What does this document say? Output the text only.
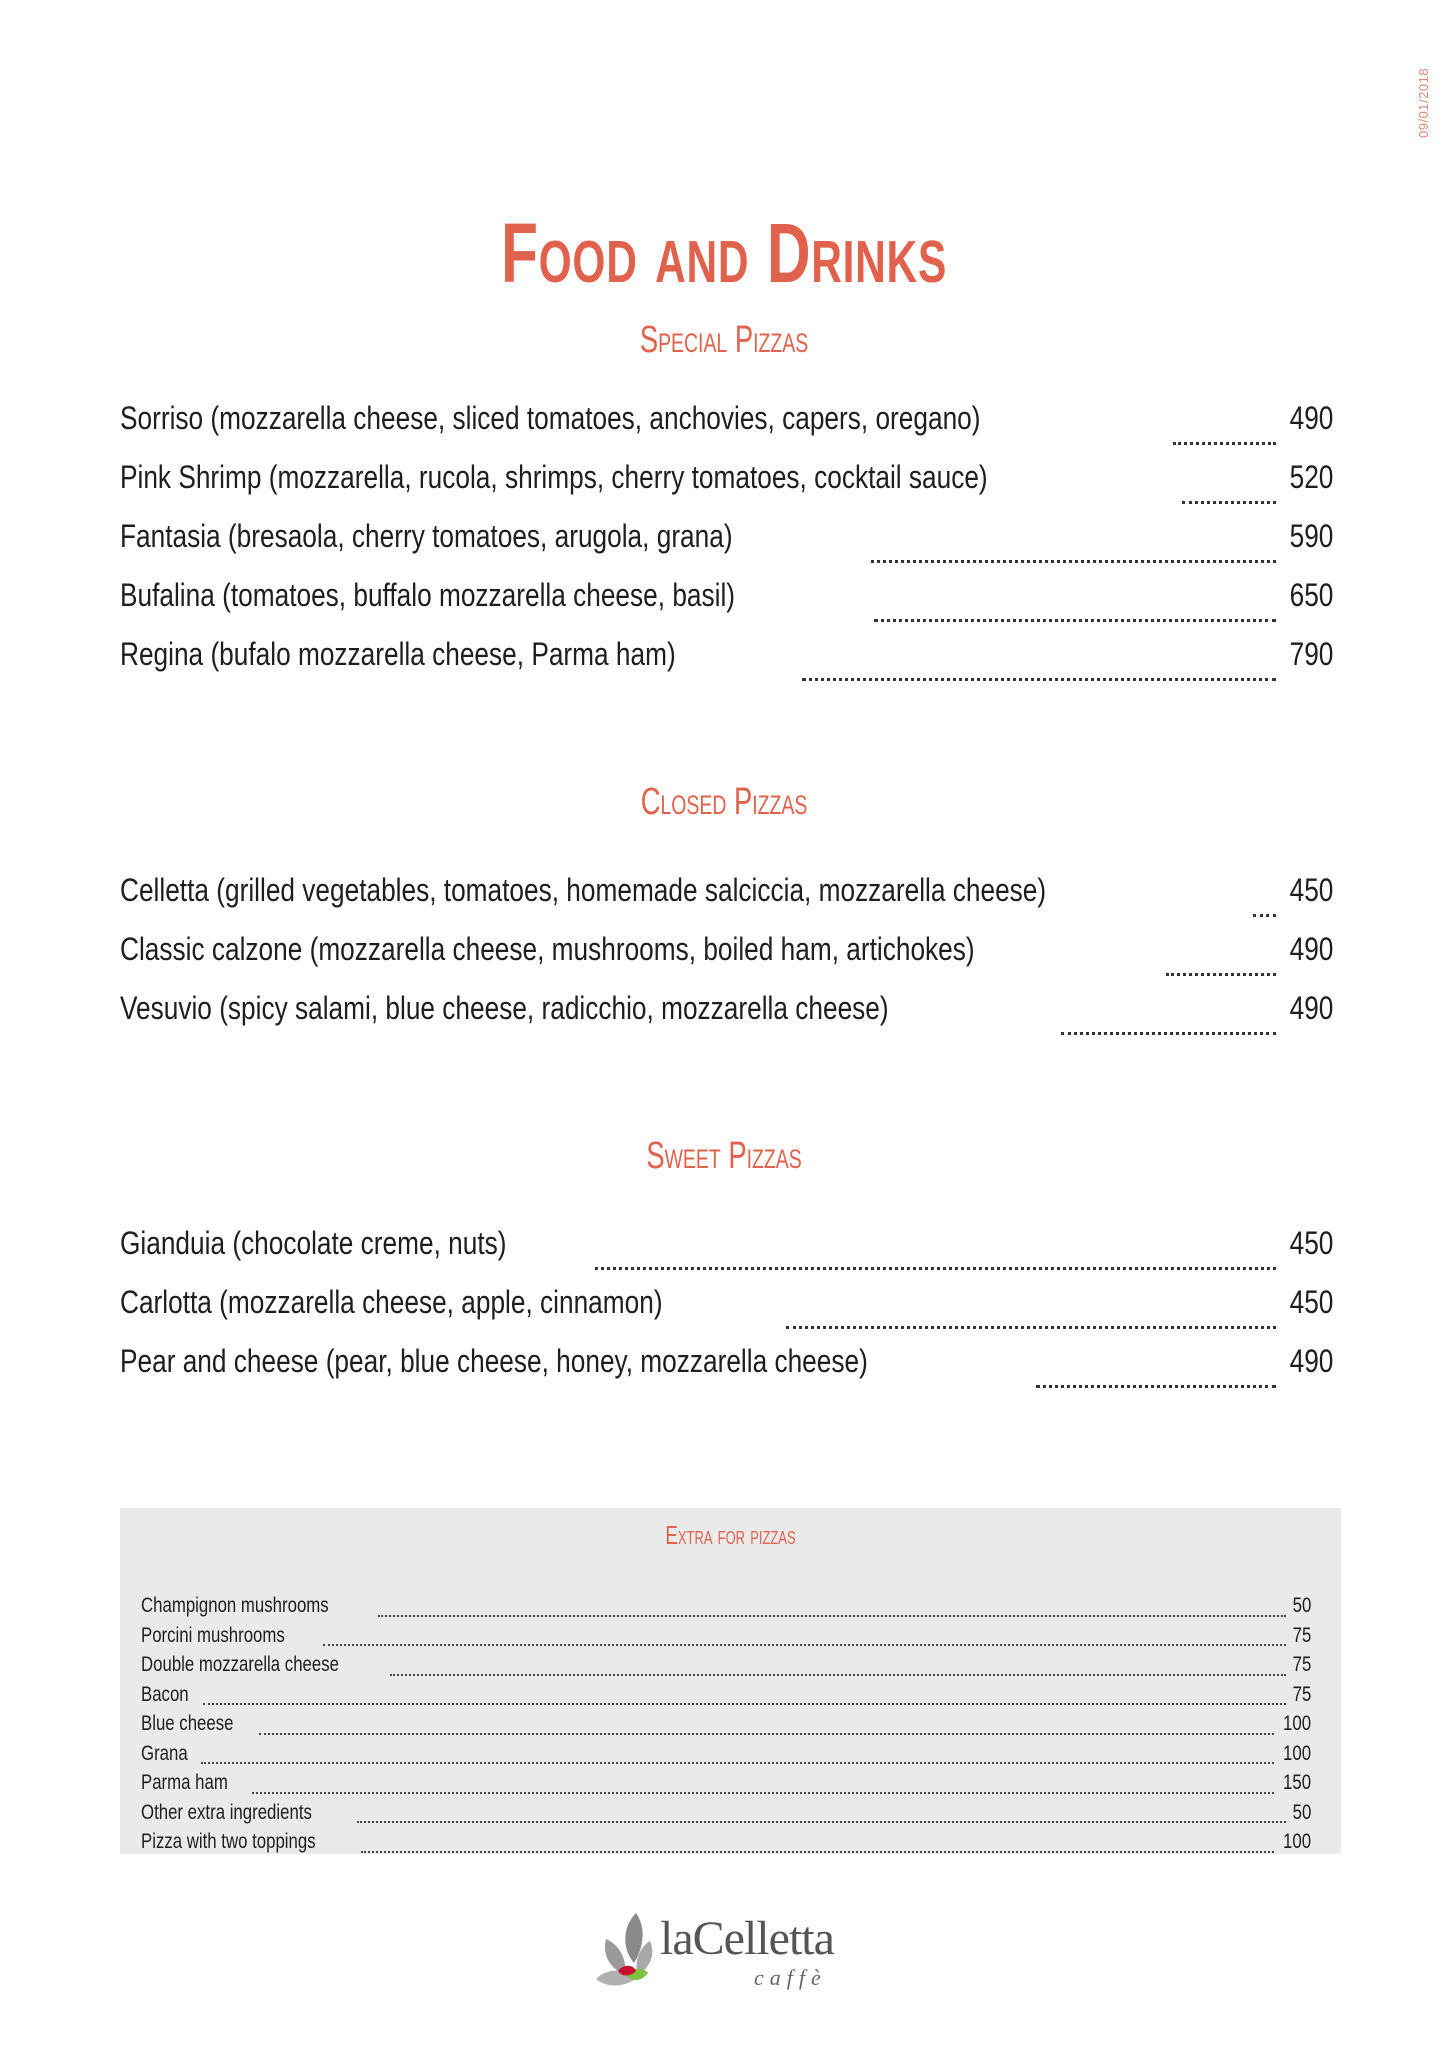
09/01/2018
Food and Drinks
Special Pizzas
Sorriso (mozzarella cheese, sliced tomatoes, anchovies, capers, oregano)	490
Pink Shrimp (mozzarella, rucola, shrimps, cherry tomatoes, cocktail sauce)	520
Fantasia (bresaola, cherry tomatoes, arugola, grana)	590
Bufalina (tomatoes, buffalo mozzarella cheese, basil)	650
Regina (bufalo mozzarella cheese, Parma ham)	790
Closed Pizzas
Celletta (grilled vegetables, tomatoes, homemade salciccia, mozzarella cheese)	450
Classic calzone (mozzarella cheese, mushrooms, boiled ham, artichokes)	490
Vesuvio (spicy salami, blue cheese, radicchio, mozzarella cheese)	490
Sweet Pizzas
Gianduia (chocolate creme, nuts)	450
Carlotta (mozzarella cheese, apple, cinnamon)	450
Pear and cheese (pear, blue cheese, honey, mozzarella cheese)	490
Extra for pizzas
Champignon mushrooms	50
Porcini mushrooms	75
Double mozzarella cheese	75
Bacon	75
Blue cheese	100
Grana	100
Parma ham	150
Other extra ingredients	50
Pizza with two toppings	100
laCelletta
caffè
